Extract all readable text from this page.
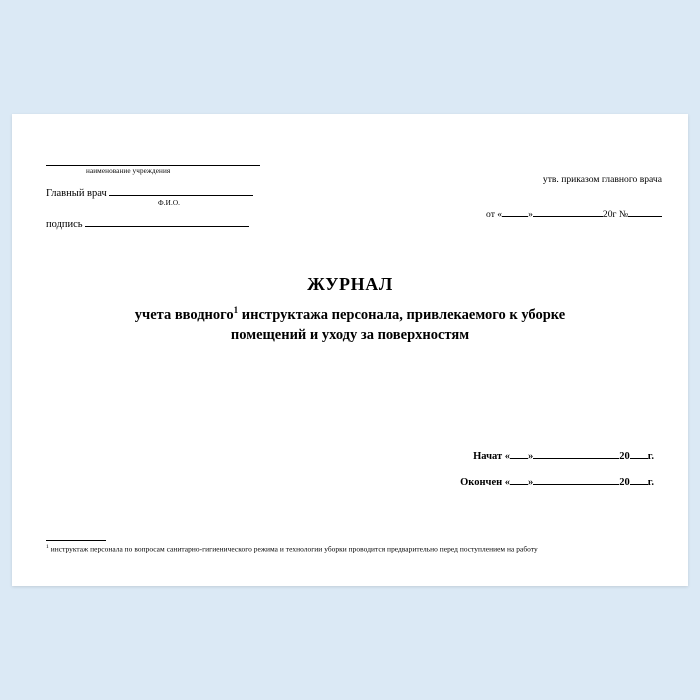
наименование учреждения
Главный врач
Ф.И.О.
подпись
утв. приказом главного врача
от «	»	20г №
ЖУРНАЛ
учета вводного$^1$ инструктажа персонала, привлекаемого к уборке
помещений и уходу за поверхностям
Начат « »	20 г.
Окончен « »	20 г.
$^1$ инструктаж персонала по вопросам санитарно-гигиенического режима и технологии уборки проводится предварительно перед поступлением на работу
